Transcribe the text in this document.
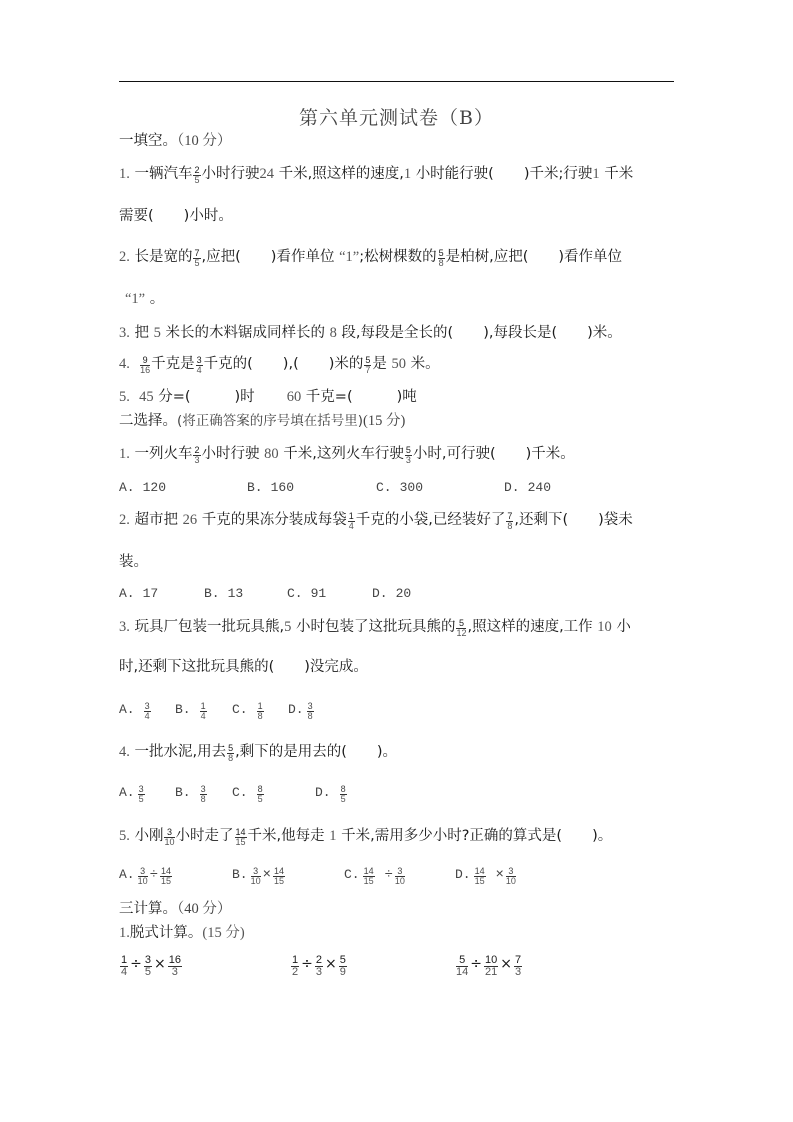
第六单元测试卷（B）
一填空。（10 分）
1. 一辆汽车 $\frac{2}{5}$ 小时行驶24 千米,照这样的速度,1 小时能行驶( )千米;行驶1 千米
需要( )小时。
2. 长是宽的 $\frac{7}{5}$ ,应把( )看作单位 “1”;松树棵数的 $\frac{5}{8}$ 是柏树,应把( )看作单位
“1” 。
3. 把 5 米长的木料锯成同样长的 8 段,每段是全长的( ),每段长是( )米。
4. $\frac{9}{16}$ 千克是 $\frac{3}{4}$ 千克的( ),( )米的 $\frac{5}{7}$ 是 50 米。
5. 45 分=(	)时 60 千克=(	)吨
二选择。(将正确答案的序号填在括号里)(15 分)
1. 一列火车 $\frac{2}{3}$ 小时行驶 80 千米,这列火车行驶 $\frac{5}{3}$ 小时,可行驶( )千米。
A. 120	B. 160	C. 300	D. 240
2. 超市把 26 千克的果冻分装成每袋 $\frac{1}{4}$ 千克的小袋,已经装好了 $\frac{7}{8}$ ,还剩下( )袋未
装。
A. 17	B. 13	C. 91	D. 20
3. 玩具厂包装一批玩具熊,5 小时包装了这批玩具熊的 $\frac{5}{12}$ ,照这样的速度,工作 10 小
时,还剩下这批玩具熊的( )没完成。
A. $\frac{3}{4} B$. $\frac{1}{4} C$. $\frac{1}{8} D$. $\frac{3}{8}$
4. 一批水泥,用去 $\frac{5}{8}$ ,剩下的是用去的( )。
A. $\frac{3}{5} B$. $\frac{3}{8} C$. $\frac{8}{5}$	D. $\frac{8}{5}$
5. 小刚 $\frac{3}{10}$ 小时走了 $\frac{14}{15}$ 千米,他每走 1 千米,需用多少小时?正确的算式是( )。
A. $\frac{3}{10} \div \frac{14}{15}$	B. $\frac{3}{10} \times \frac{14}{15}$	C. $\frac{14}{15} \div \frac{3}{10}$	D. $\frac{14}{15} \times \frac{3}{10}$
三计算。（40 分）
1.脱式计算。(15 分)
$\frac{1}{4} \div \frac{3}{5} \times \frac{16}{3}$	$\frac{1}{2} \div \frac{2}{3} \times \frac{5}{9}$	$\frac{5}{14} \div \frac{10}{21} \times \frac{7}{3}$
